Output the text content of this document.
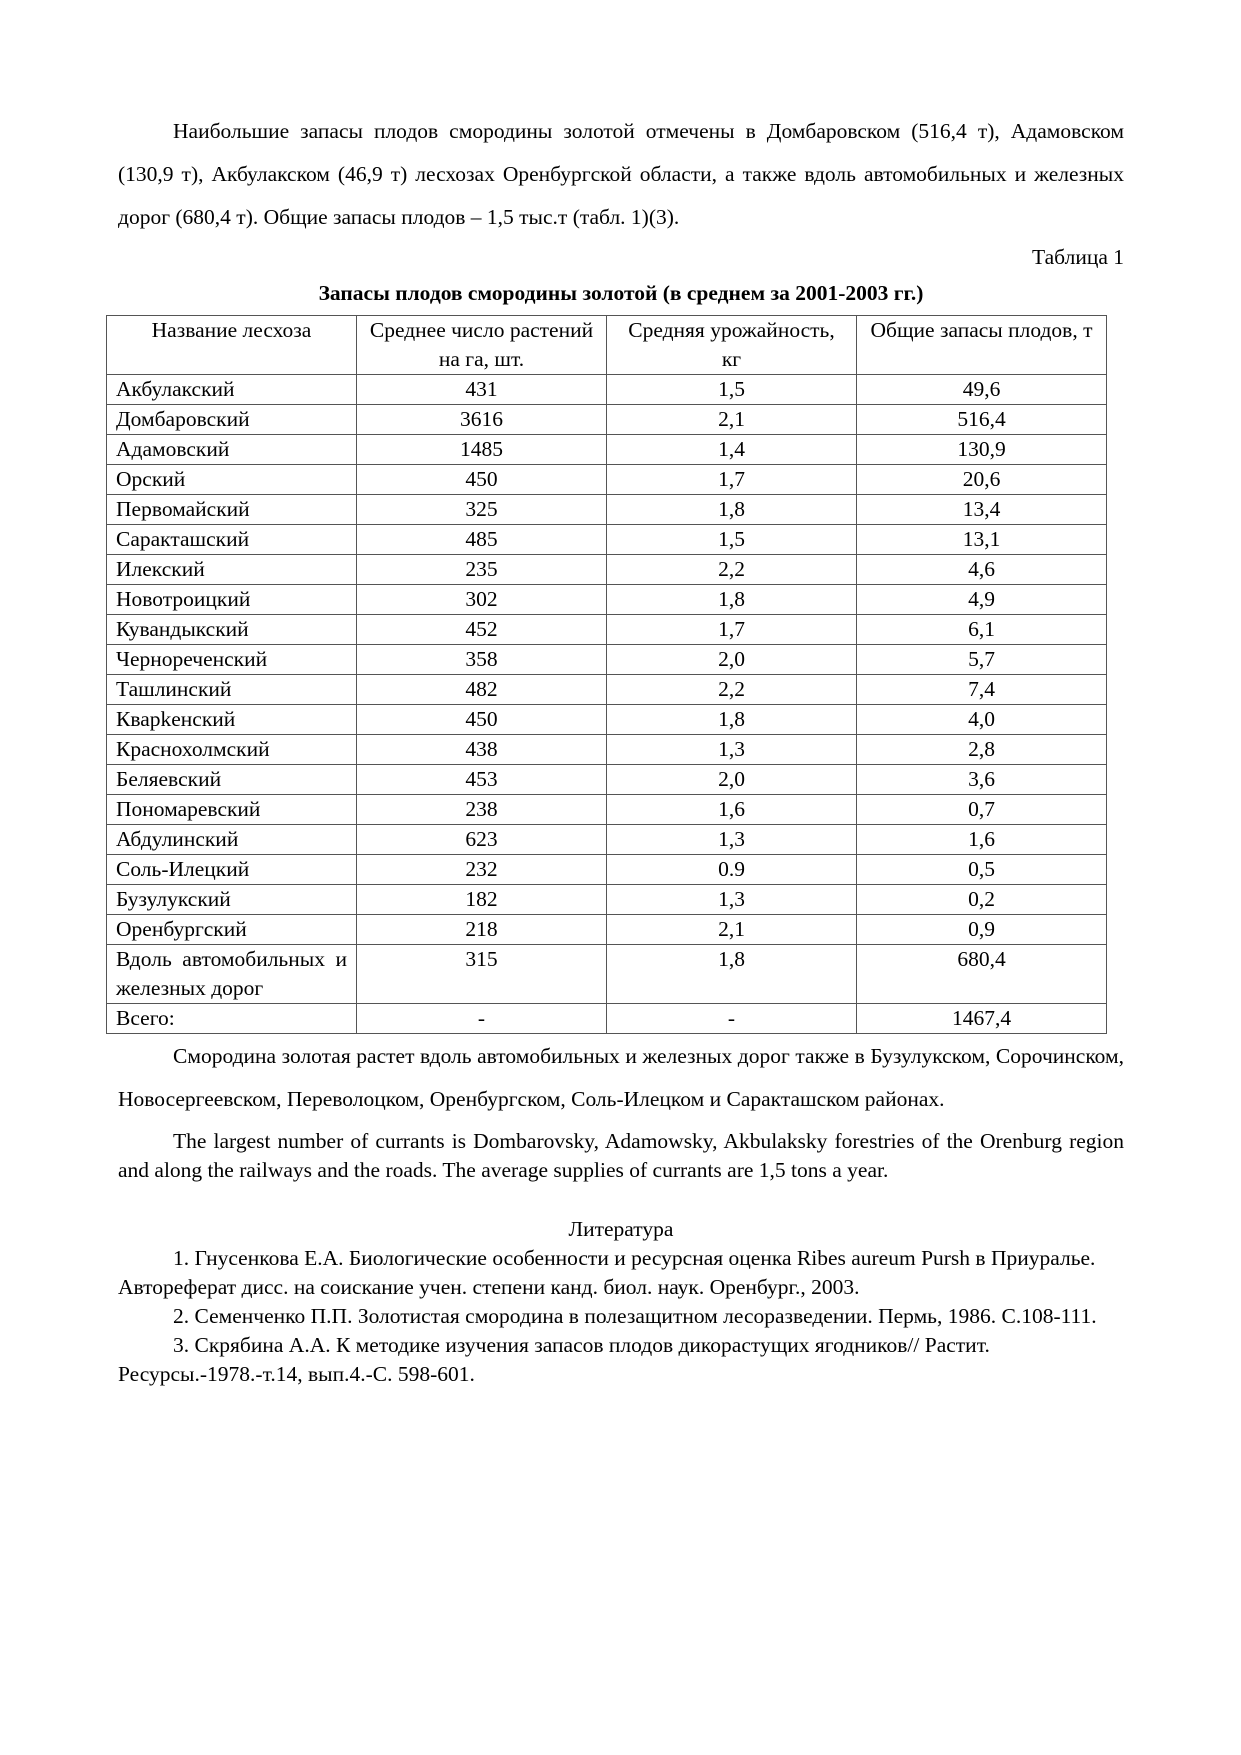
Наибольшие запасы плодов смородины золотой отмечены в Домбаровском (516,4 т), Адамовском (130,9 т), Акбулакском (46,9 т) лесхозах Оренбургской области, а также вдоль автомобильных и железных дорог (680,4 т). Общие запасы плодов – 1,5 тыс.т (табл. 1)(3).

Таблица 1

Запасы плодов смородины золотой (в среднем за 2001-2003 гг.)

Название лесхоза	Среднее число растений на га, шт.	Средняя урожайность, кг	Общие запасы плодов, т
Акбулакский	431	1,5	49,6
Домбаровский	3616	2,1	516,4
Адамовский	1485	1,4	130,9
Орский	450	1,7	20,6
Первомайский	325	1,8	13,4
Саракташский	485	1,5	13,1
Илекский	235	2,2	4,6
Новотроицкий	302	1,8	4,9
Кувандыкский	452	1,7	6,1
Чернореченский	358	2,0	5,7
Ташлинский	482	2,2	7,4
Кварkенский	450	1,8	4,0
Краснохолмский	438	1,3	2,8
Беляевский	453	2,0	3,6
Пономаревский	238	1,6	0,7
Абдулинский	623	1,3	1,6
Соль-Илецкий	232	0.9	0,5
Бузулукский	182	1,3	0,2
Оренбургский	218	2,1	0,9
Вдоль автомобильных и железных дорог	315	1,8	680,4
Всего:	-	-	1467,4

Смородина золотая растет вдоль автомобильных и железных дорог также в Бузулукском, Сорочинском, Новосергеевском, Переволоцком, Оренбургском, Соль-Илецком и Саракташском районах.

The largest number of currants is Dombarovsky, Adamowsky, Akbulaksky forestries of the Orenburg region and along the railways and the roads. The average supplies of currants are 1,5 tons a year.

Литература

1. Гнусенкова Е.А. Биологические особенности и ресурсная оценка Ribes aureum Pursh в Приуралье. Автореферат дисс. на соискание учен. степени канд. биол. наук. Оренбург., 2003.

2. Семенченко П.П. Золотистая смородина в полезащитном лесоразведении. Пермь, 1986. С.108-111.

3. Скрябина А.А. К методике изучения запасов плодов дикорастущих ягодников// Растит. Ресурсы.-1978.-т.14, вып.4.-С. 598-601.
